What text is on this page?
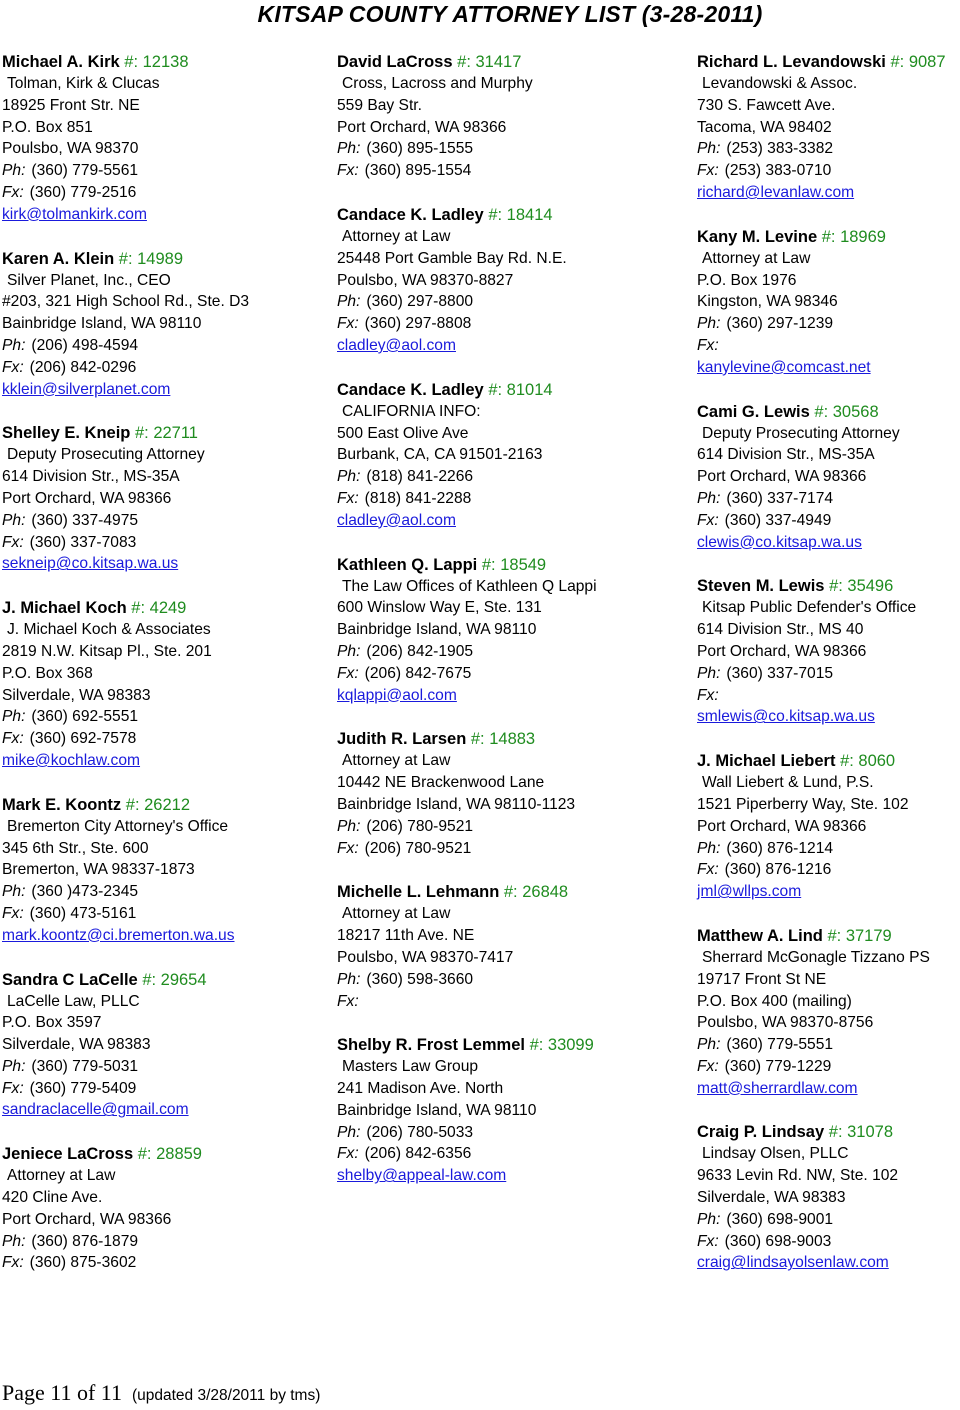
KITSAP COUNTY ATTORNEY LIST (3-28-2011)
Michael A. Kirk #: 12138
Tolman, Kirk & Clucas
18925 Front Str. NE
P.O. Box 851
Poulsbo, WA 98370
Ph: (360) 779-5561
Fx: (360) 779-2516
kirk@tolmankirk.com
Karen A. Klein #: 14989
Silver Planet, Inc., CEO
#203, 321 High School Rd., Ste. D3
Bainbridge Island, WA 98110
Ph: (206) 498-4594
Fx: (206) 842-0296
kklein@silverplanet.com
Shelley E. Kneip #: 22711
Deputy Prosecuting Attorney
614 Division Str., MS-35A
Port Orchard, WA 98366
Ph: (360) 337-4975
Fx: (360) 337-7083
sekneip@co.kitsap.wa.us
J. Michael Koch #: 4249
J. Michael Koch & Associates
2819 N.W. Kitsap Pl., Ste. 201
P.O. Box 368
Silverdale, WA 98383
Ph: (360) 692-5551
Fx: (360) 692-7578
mike@kochlaw.com
Mark E. Koontz #: 26212
Bremerton City Attorney's Office
345 6th Str., Ste. 600
Bremerton, WA 98337-1873
Ph: (360 )473-2345
Fx: (360) 473-5161
mark.koontz@ci.bremerton.wa.us
Sandra C LaCelle #: 29654
LaCelle Law, PLLC
P.O. Box 3597
Silverdale, WA 98383
Ph: (360) 779-5031
Fx: (360) 779-5409
sandraclacelle@gmail.com
Jeniece LaCross #: 28859
Attorney at Law
420 Cline Ave.
Port Orchard, WA 98366
Ph: (360) 876-1879
Fx: (360) 875-3602
David LaCross #: 31417
Cross, Lacross and Murphy
559 Bay Str.
Port Orchard, WA 98366
Ph: (360) 895-1555
Fx: (360) 895-1554
Candace K. Ladley #: 18414
Attorney at Law
25448 Port Gamble Bay Rd. N.E.
Poulsbo, WA 98370-8827
Ph: (360) 297-8800
Fx: (360) 297-8808
cladley@aol.com
Candace K. Ladley #: 81014
CALIFORNIA INFO:
500 East Olive Ave
Burbank, CA, CA 91501-2163
Ph: (818) 841-2266
Fx: (818) 841-2288
cladley@aol.com
Kathleen Q. Lappi #: 18549
The Law Offices of Kathleen Q Lappi
600 Winslow Way E, Ste. 131
Bainbridge Island, WA 98110
Ph: (206) 842-1905
Fx: (206) 842-7675
kqlappi@aol.com
Judith R. Larsen #: 14883
Attorney at Law
10442 NE Brackenwood Lane
Bainbridge Island, WA 98110-1123
Ph: (206) 780-9521
Fx: (206) 780-9521
Michelle L. Lehmann #: 26848
Attorney at Law
18217 11th Ave. NE
Poulsbo, WA 98370-7417
Ph: (360) 598-3660
Fx:
Shelby R. Frost Lemmel #: 33099
Masters Law Group
241 Madison Ave. North
Bainbridge Island, WA 98110
Ph: (206) 780-5033
Fx: (206) 842-6356
shelby@appeal-law.com
Richard L. Levandowski #: 9087
Levandowski & Assoc.
730 S. Fawcett Ave.
Tacoma, WA 98402
Ph: (253) 383-3382
Fx: (253) 383-0710
richard@levanlaw.com
Kany M. Levine #: 18969
Attorney at Law
P.O. Box 1976
Kingston, WA 98346
Ph: (360) 297-1239
Fx:
kanylevine@comcast.net
Cami G. Lewis #: 30568
Deputy Prosecuting Attorney
614 Division Str., MS-35A
Port Orchard, WA 98366
Ph: (360) 337-7174
Fx: (360) 337-4949
clewis@co.kitsap.wa.us
Steven M. Lewis #: 35496
Kitsap Public Defender's Office
614 Division Str., MS 40
Port Orchard, WA 98366
Ph: (360) 337-7015
Fx:
smlewis@co.kitsap.wa.us
J. Michael Liebert #: 8060
Wall Liebert & Lund, P.S.
1521 Piperberry Way, Ste. 102
Port Orchard, WA 98366
Ph: (360) 876-1214
Fx: (360) 876-1216
jml@wllps.com
Matthew A. Lind #: 37179
Sherrard McGonagle Tizzano PS
19717 Front St NE
P.O. Box 400 (mailing)
Poulsbo, WA 98370-8756
Ph: (360) 779-5551
Fx: (360) 779-1229
matt@sherrardlaw.com
Craig P. Lindsay #: 31078
Lindsay Olsen, PLLC
9633 Levin Rd. NW, Ste. 102
Silverdale, WA 98383
Ph: (360) 698-9001
Fx: (360) 698-9003
craig@lindsayolsenlaw.com
Page 11 of 11 (updated 3/28/2011 by tms)
